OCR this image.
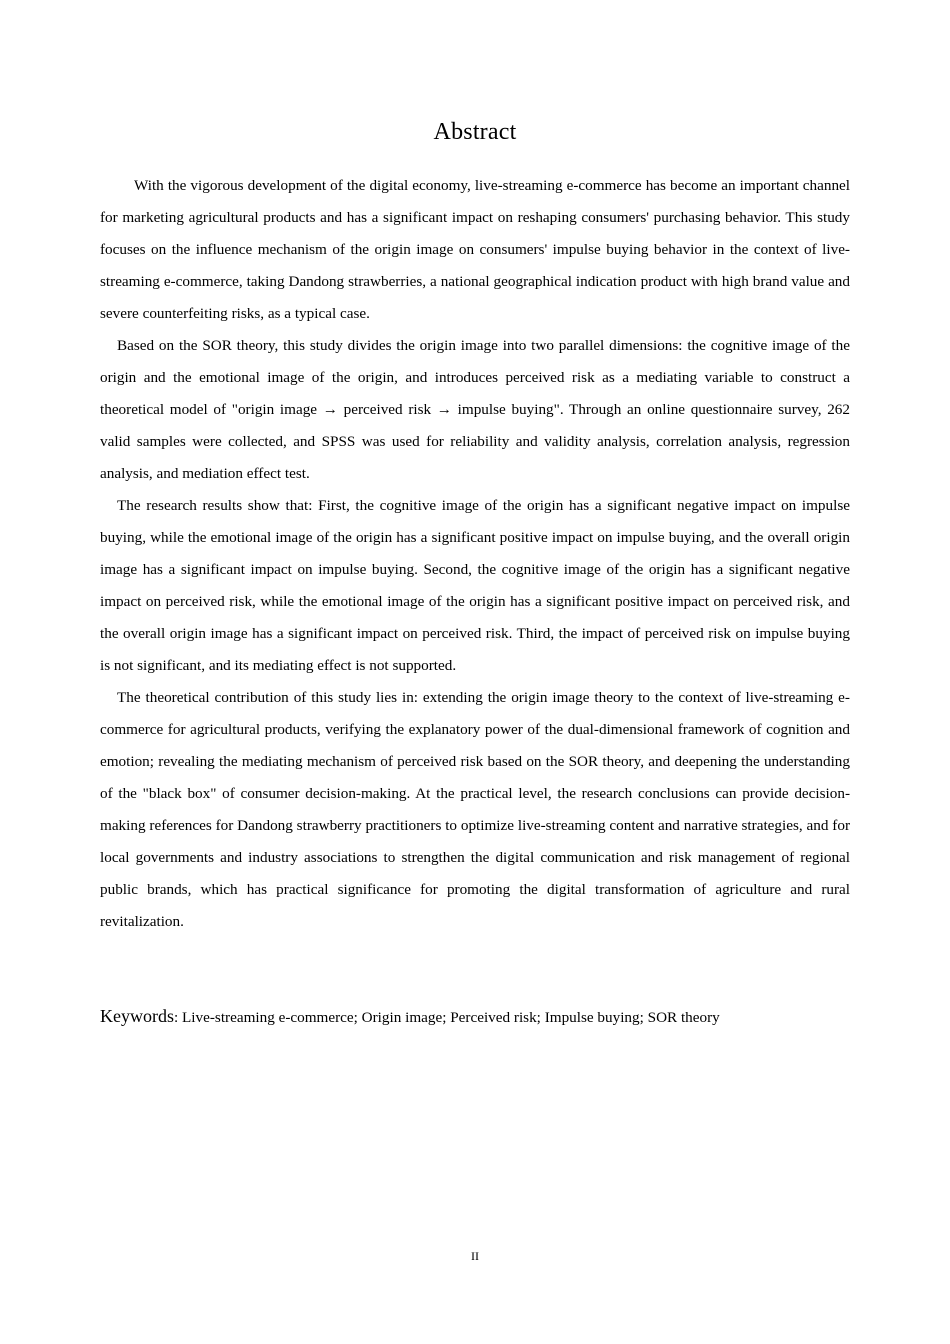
Abstract

With the vigorous development of the digital economy, live-streaming e-commerce has become an important channel for marketing agricultural products and has a significant impact on reshaping consumers' purchasing behavior. This study focuses on the influence mechanism of the origin image on consumers' impulse buying behavior in the context of live-streaming e-commerce, taking Dandong strawberries, a national geographical indication product with high brand value and severe counterfeiting risks, as a typical case.

Based on the SOR theory, this study divides the origin image into two parallel dimensions: the cognitive image of the origin and the emotional image of the origin, and introduces perceived risk as a mediating variable to construct a theoretical model of "origin image → perceived risk → impulse buying". Through an online questionnaire survey, 262 valid samples were collected, and SPSS was used for reliability and validity analysis, correlation analysis, regression analysis, and mediation effect test.

The research results show that: First, the cognitive image of the origin has a significant negative impact on impulse buying, while the emotional image of the origin has a significant positive impact on impulse buying, and the overall origin image has a significant impact on impulse buying. Second, the cognitive image of the origin has a significant negative impact on perceived risk, while the emotional image of the origin has a significant positive impact on perceived risk, and the overall origin image has a significant impact on perceived risk. Third, the impact of perceived risk on impulse buying is not significant, and its mediating effect is not supported.

The theoretical contribution of this study lies in: extending the origin image theory to the context of live-streaming e-commerce for agricultural products, verifying the explanatory power of the dual-dimensional framework of cognition and emotion; revealing the mediating mechanism of perceived risk based on the SOR theory, and deepening the understanding of the "black box" of consumer decision-making. At the practical level, the research conclusions can provide decision-making references for Dandong strawberry practitioners to optimize live-streaming content and narrative strategies, and for local governments and industry associations to strengthen the digital communication and risk management of regional public brands, which has practical significance for promoting the digital transformation of agriculture and rural revitalization.

Keywords: Live-streaming e-commerce; Origin image; Perceived risk; Impulse buying; SOR theory

II
